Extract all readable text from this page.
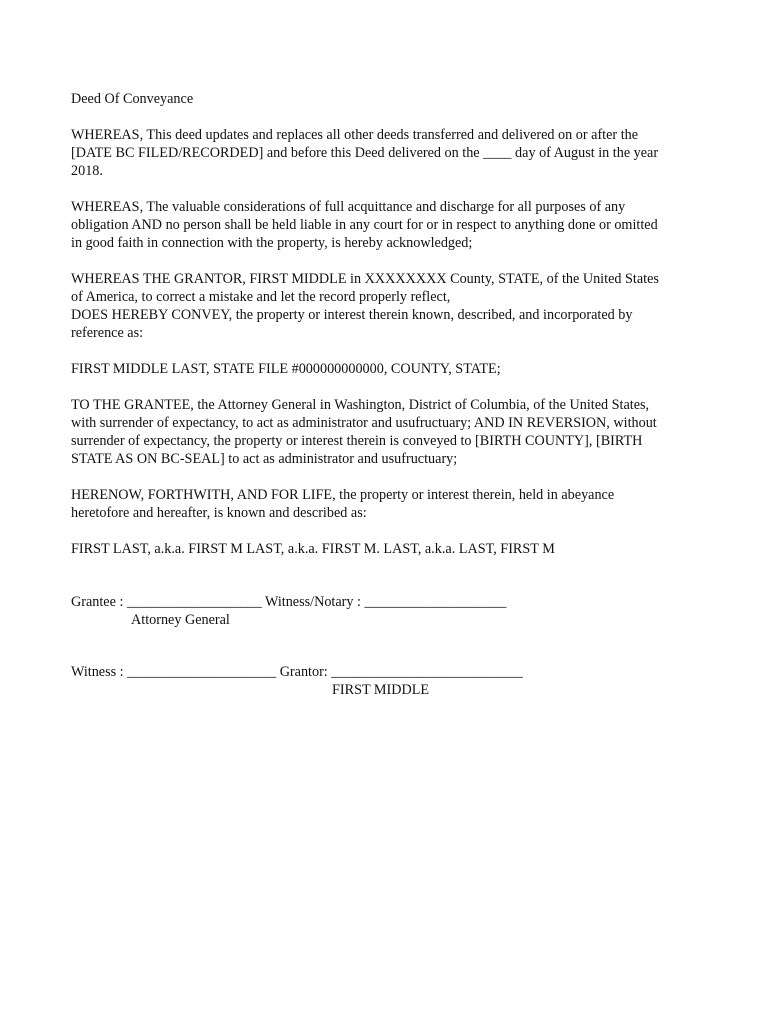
Deed Of Conveyance

WHEREAS, This deed updates and replaces all other deeds transferred and delivered on or after the
[DATE BC FILED/RECORDED] and before this Deed delivered on the ____ day of August in the year
2018.

WHEREAS, The valuable considerations of full acquittance and discharge for all purposes of any
obligation AND no person shall be held liable in any court for or in respect to anything done or omitted
in good faith in connection with the property, is hereby acknowledged;

WHEREAS THE GRANTOR, FIRST MIDDLE in XXXXXXXX County, STATE, of the United States
of America, to correct a mistake and let the record properly reflect,
DOES HEREBY CONVEY, the property or interest therein known, described, and incorporated by
reference as:

FIRST MIDDLE LAST, STATE FILE #000000000000, COUNTY, STATE;

TO THE GRANTEE, the Attorney General in Washington, District of Columbia, of the United States,
with surrender of expectancy, to act as administrator and usufructuary; AND IN REVERSION, without
surrender of expectancy, the property or interest therein is conveyed to [BIRTH COUNTY], [BIRTH
STATE AS ON BC-SEAL] to act as administrator and usufructuary;

HERENOW, FORTHWITH, AND FOR LIFE, the property or interest therein, held in abeyance
heretofore and hereafter, is known and described as:

FIRST LAST, a.k.a. FIRST M LAST, a.k.a. FIRST M. LAST, a.k.a. LAST, FIRST M

Grantee : ___________________ Witness/Notary : ____________________
Attorney General
Witness : _____________________ Grantor: ___________________________
FIRST MIDDLE
